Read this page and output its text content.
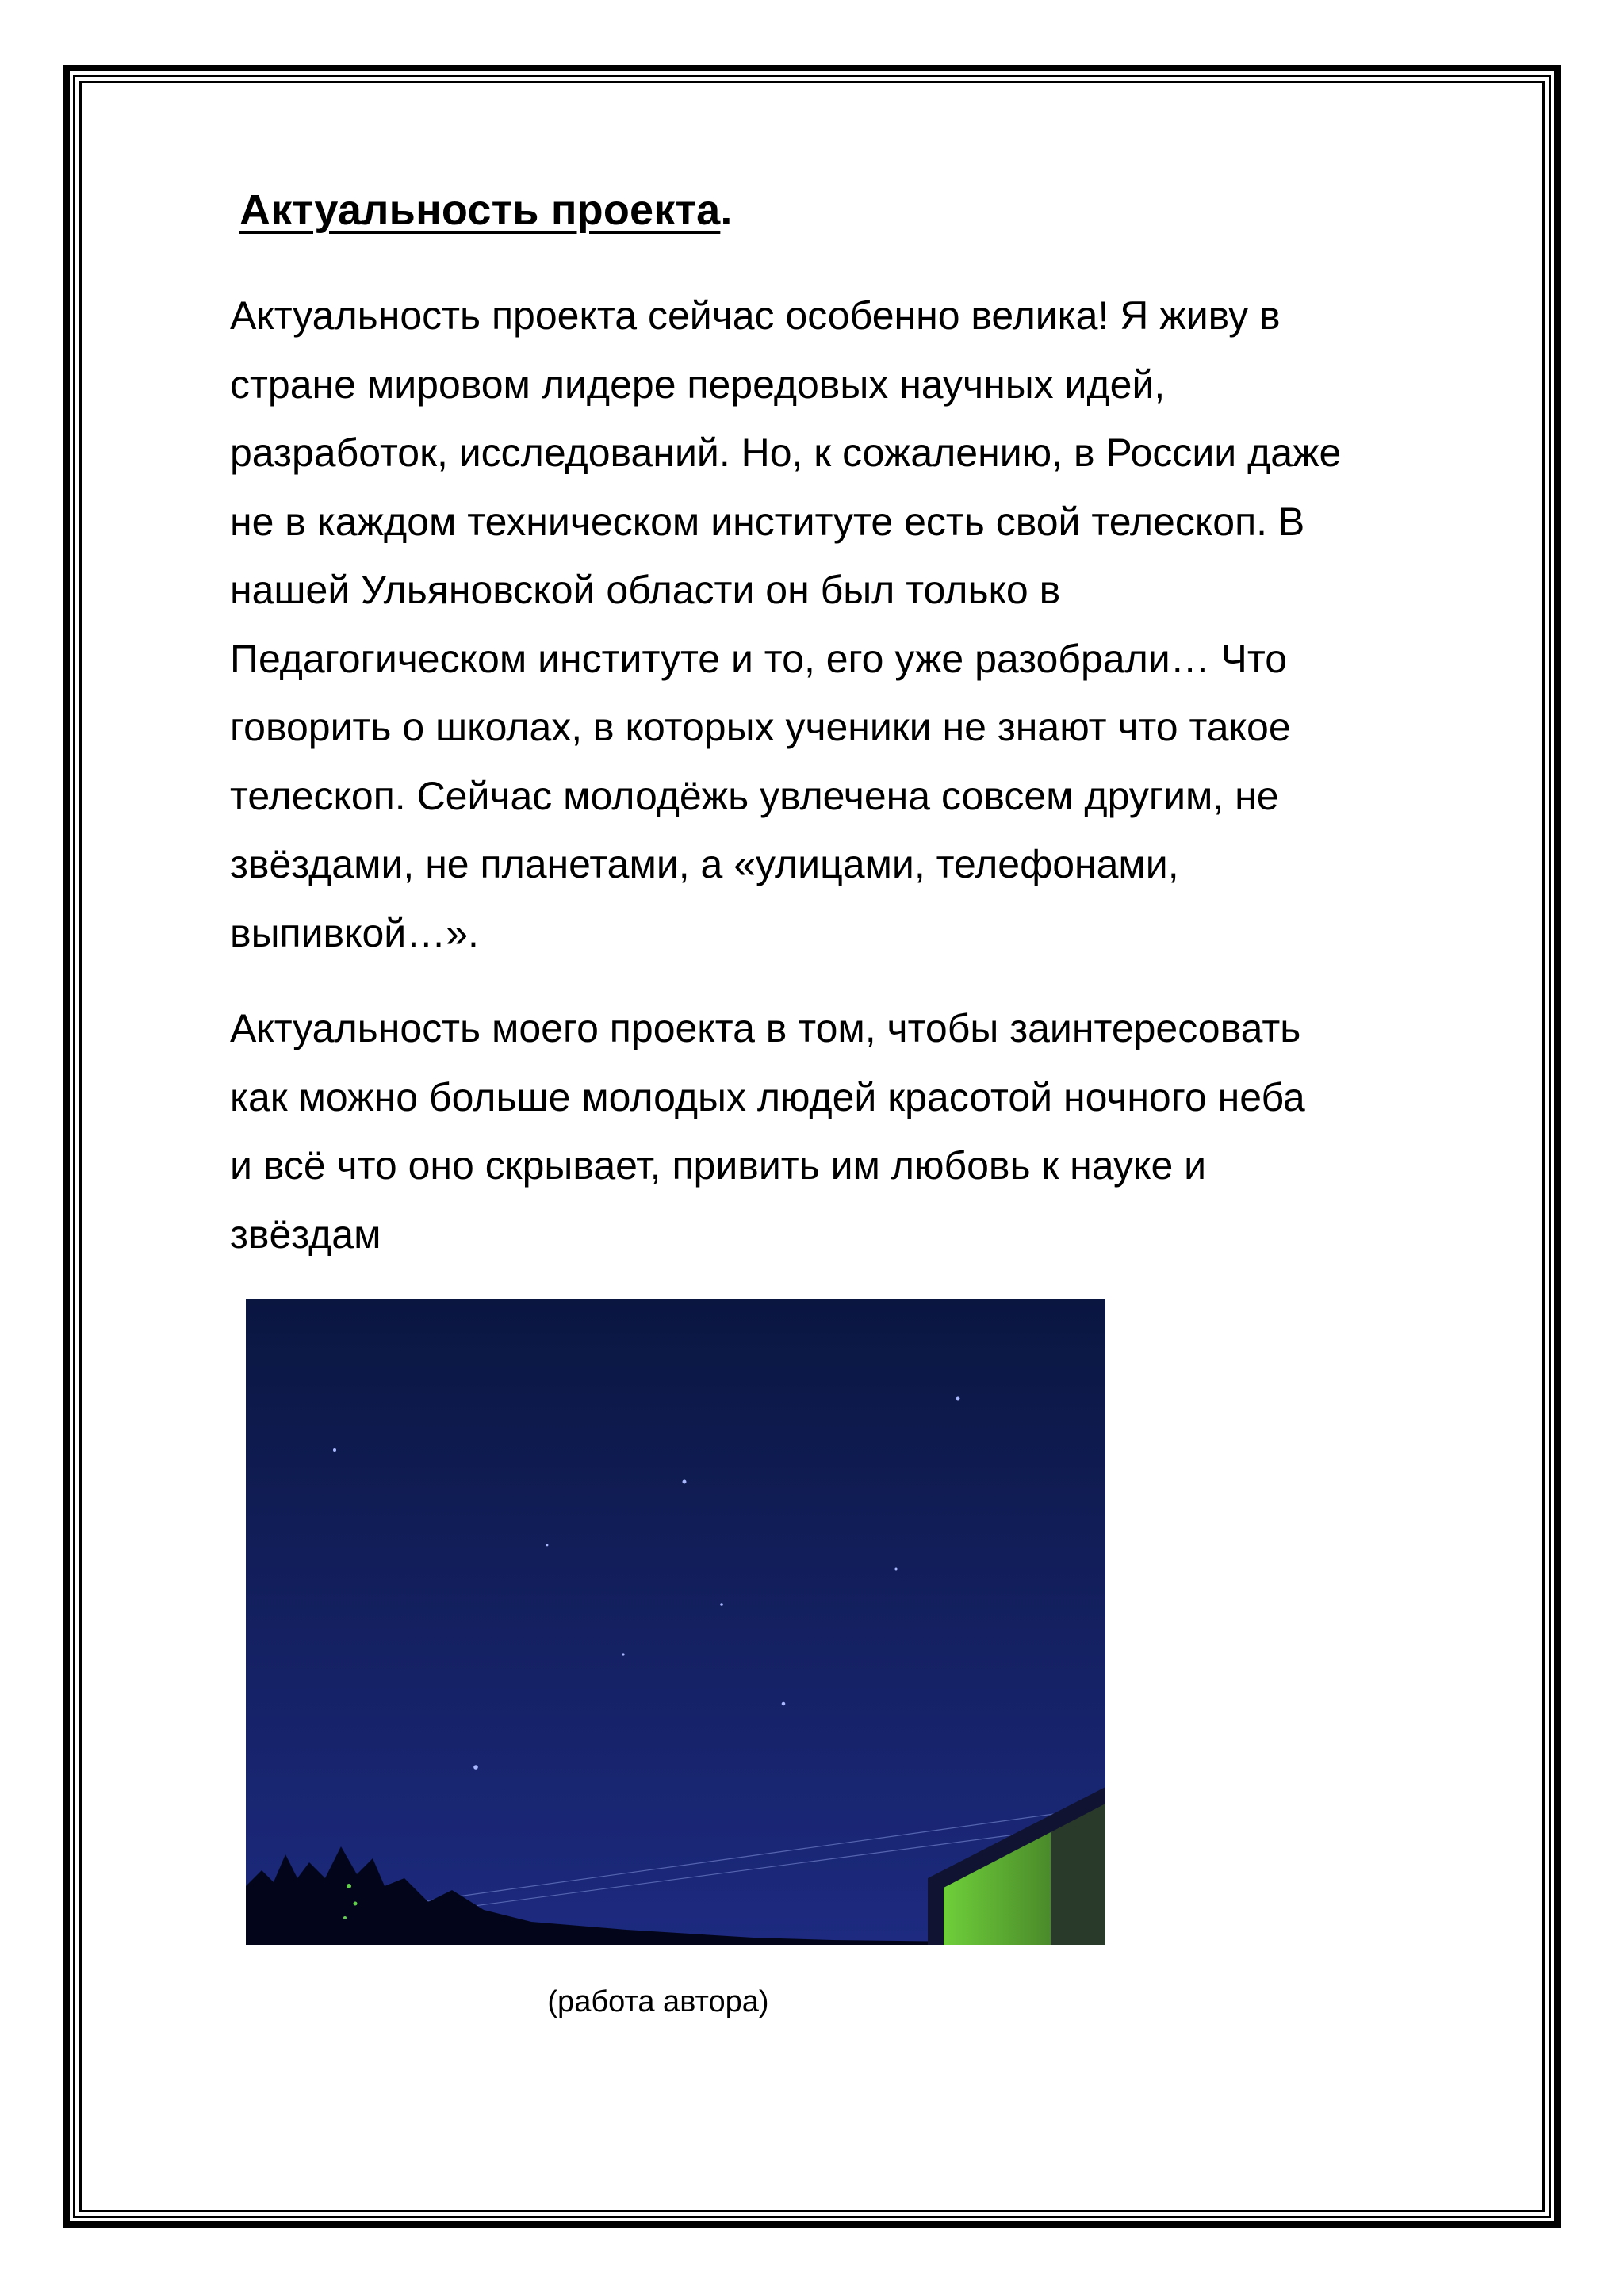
Актуальность проекта.

Актуальность проекта сейчас особенно велика! Я живу в
стране мировом лидере передовых научных идей,
разработок, исследований. Но, к сожалению, в России даже
не в каждом техническом институте есть свой телескоп. В
нашей Ульяновской области он был только в
Педагогическом институте и то, его уже разобрали… Что
говорить о школах, в которых ученики не знают что такое
телескоп. Сейчас молодёжь увлечена совсем другим, не
звёздами, не планетами, а «улицами, телефонами,
выпивкой…».

Актуальность моего проекта в том, чтобы заинтересовать
как можно больше молодых людей красотой ночного неба
и всё что оно скрывает, привить им любовь к науке и
звёздам

(работа автора)
